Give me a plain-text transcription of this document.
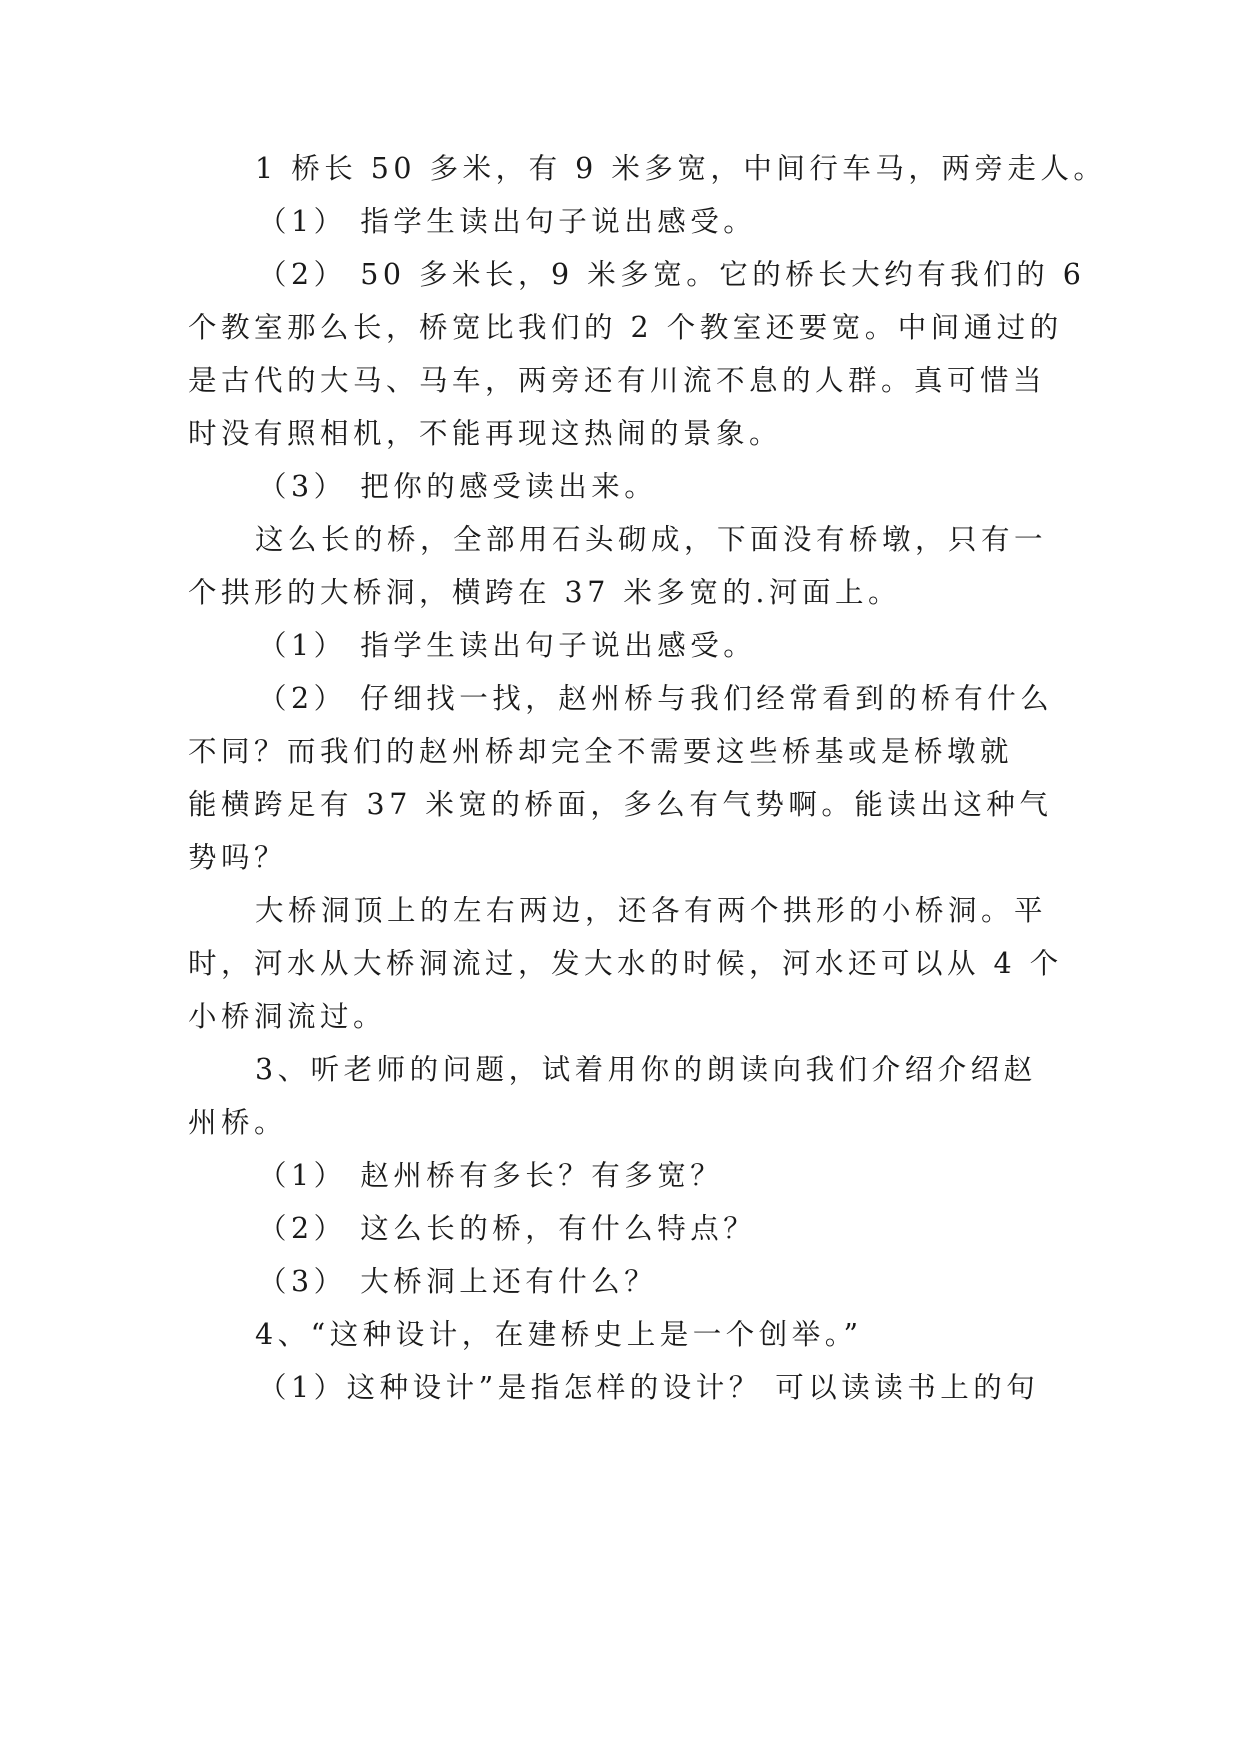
1 桥长 50 多米，有 9 米多宽，中间行车马，两旁走人。
（1） 指学生读出句子说出感受。
（2） 50 多米长，9 米多宽。它的桥长大约有我们的 6
个教室那么长，桥宽比我们的 2 个教室还要宽。中间通过的
是古代的大马、马车，两旁还有川流不息的人群。真可惜当
时没有照相机，不能再现这热闹的景象。
（3） 把你的感受读出来。
这么长的桥，全部用石头砌成，下面没有桥墩，只有一
个拱形的大桥洞，横跨在 37 米多宽的.河面上。
（1） 指学生读出句子说出感受。
（2） 仔细找一找，赵州桥与我们经常看到的桥有什么
不同？而我们的赵州桥却完全不需要这些桥基或是桥墩就
能横跨足有 37 米宽的桥面，多么有气势啊。能读出这种气
势吗？
大桥洞顶上的左右两边，还各有两个拱形的小桥洞。平
时，河水从大桥洞流过，发大水的时候，河水还可以从 4 个
小桥洞流过。
3、听老师的问题，试着用你的朗读向我们介绍介绍赵
州桥。
（1） 赵州桥有多长？有多宽？
（2） 这么长的桥，有什么特点？
（3） 大桥洞上还有什么？
4、“这种设计，在建桥史上是一个创举。”
（1）这种设计”是指怎样的设计？ 可以读读书上的句
